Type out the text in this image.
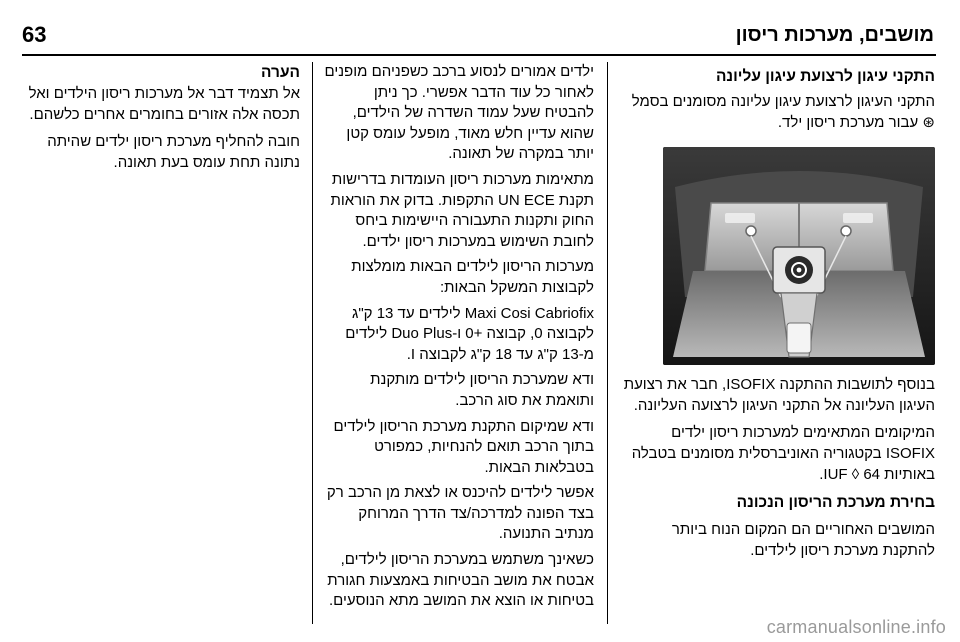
63	מושבים, מערכות ריסון
התקני עיגון לרצועת עיגון עליונה

התקני העיגון לרצועת עיגון עליונה מסומנים בסמל ⊛ עבור מערכת ריסון ילד.

בנוסף לתושבות ההתקנה ISOFIX, חבר את רצועת העיגון העליונה אל התקני העיגון לרצועה העליונה.

המיקומים המתאימים למערכות ריסון ילדים ISOFIX בקטגוריה האוניברסלית מסומנים בטבלה באותיות IUF ◊ 64.

בחירת מערכת הריסון הנכונה

המושבים האחוריים הם המקום הנוח ביותר להתקנת מערכת ריסון לילדים.

ילדים אמורים לנסוע ברכב כשפניהם מופנים לאחור כל עוד הדבר אפשרי. כך ניתן להבטיח שעל עמוד השדרה של הילדים, שהוא עדיין חלש מאוד, מופעל עומס קטן יותר במקרה של תאונה.

מתאימות מערכות ריסון העומדות בדרישות תקנת UN ECE התקפות. בדוק את הוראות החוק ותקנות התעבורה היישימות ביחס לחובת השימוש במערכות ריסון ילדים.

מערכות הריסון לילדים הבאות מומלצות לקבוצות המשקל הבאות:

Maxi Cosi Cabriofix לילדים עד 13 ק"ג לקבוצה 0, קבוצה +0 ו-Duo Plus לילדים מ-13 ק"ג עד 18 ק"ג לקבוצה I.

ודא שמערכת הריסון לילדים מותקנת ותואמת את סוג הרכב.

ודא שמיקום התקנת מערכת הריסון לילדים בתוך הרכב תואם להנחיות, כמפורט בטבלאות הבאות.

אפשר לילדים להיכנס או לצאת מן הרכב רק בצד הפונה למדרכה/צד הדרך המרוחק מנתיב התנועה.

כשאינך משתמש במערכת הריסון לילדים, אבטח את מושב הבטיחות באמצעות חגורת בטיחות או הוצא את המושב מתא הנוסעים.

הערה

אל תצמיד דבר אל מערכות ריסון הילדים ואל תכסה אלה אזורים בחומרים אחרים כלשהם.

חובה להחליף מערכת ריסון ילדים שהיתה נתונה תחת עומס בעת תאונה.

carmanualsonline.info
